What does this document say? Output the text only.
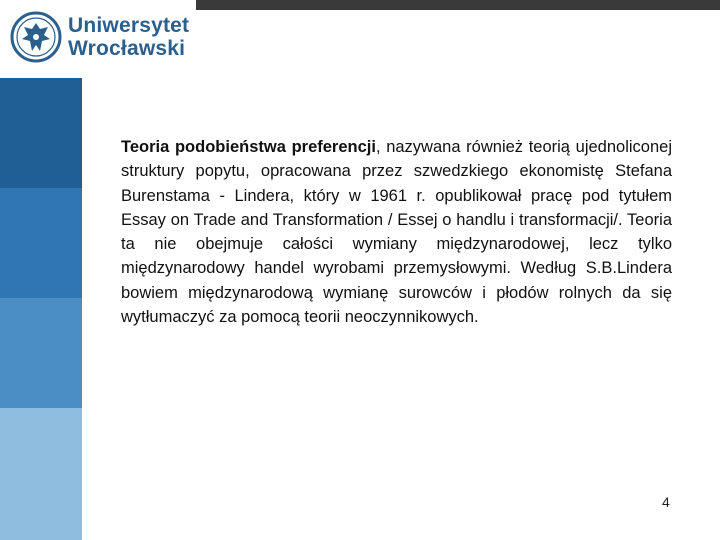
Uniwersytet
Wrocławski

Teoria podobieństwa preferencji, nazywana również teorią ujednoliconej struktury popytu, opracowana przez szwedzkiego ekonomistę Stefana Burenstama - Lindera, który w 1961 r. opublikował pracę pod tytułem Essay on Trade and Transformation / Essej o handlu i transformacji/. Teoria ta nie obejmuje całości wymiany międzynarodowej, lecz tylko międzynarodowy handel wyrobami przemysłowymi. Według S.B.Lindera bowiem międzynarodową wymianę surowców i płodów rolnych da się wytłumaczyć za pomocą teorii neoczynnikowych.

4
